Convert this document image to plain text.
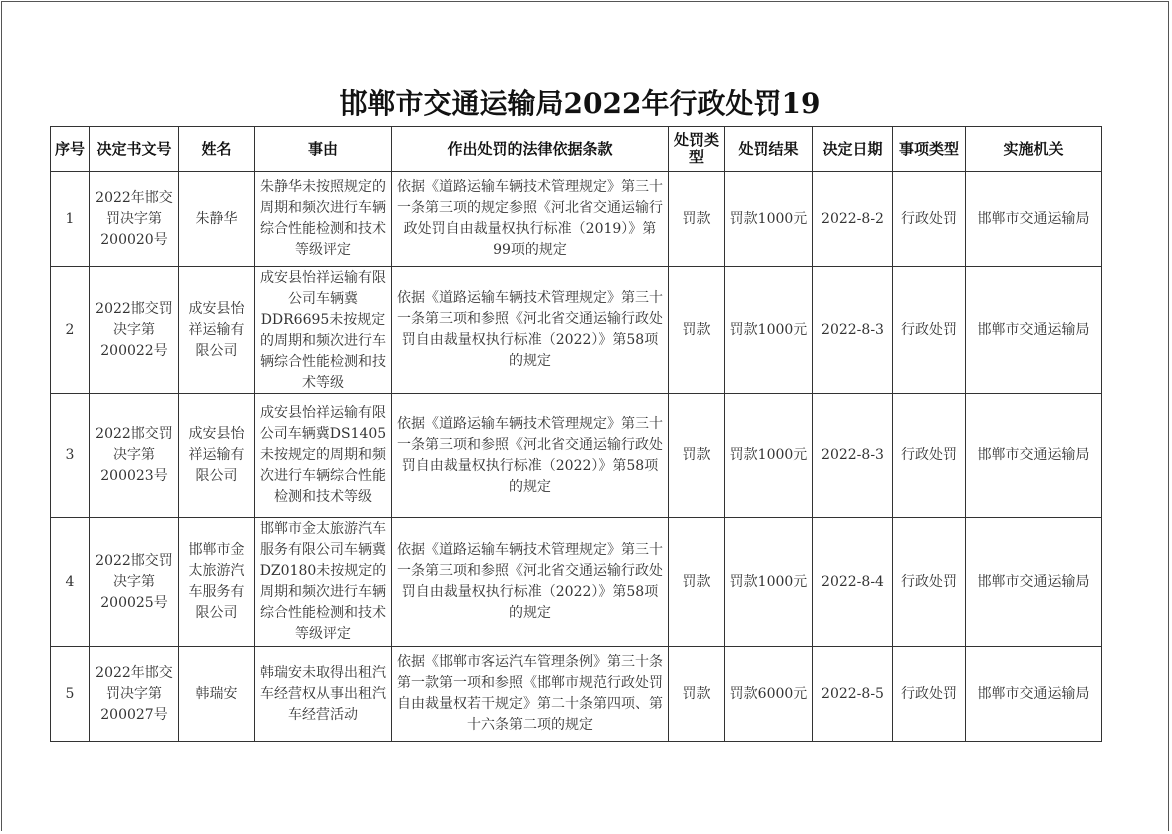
邯郸市交通运输局2022年行政处罚19
序号	决定书文号	姓名	事由	作出处罚的法律依据条款	处罚类型	处罚结果	决定日期	事项类型	实施机关
1	2022年邯交罚决字第200020号	朱静华	朱静华未按照规定的周期和频次进行车辆综合性能检测和技术等级评定	依据《道路运输车辆技术管理规定》第三十一条第三项的规定参照《河北省交通运输行政处罚自由裁量权执行标准（2019）》第99项的规定	罚款	罚款1000元	2022-8-2	行政处罚	邯郸市交通运输局
2	2022邯交罚决字第200022号	成安县怡祥运输有限公司	成安县怡祥运输有限公司车辆冀DDR6695未按规定的周期和频次进行车辆综合性能检测和技术等级	依据《道路运输车辆技术管理规定》第三十一条第三项和参照《河北省交通运输行政处罚自由裁量权执行标准（2022）》第58项的规定	罚款	罚款1000元	2022-8-3	行政处罚	邯郸市交通运输局
3	2022邯交罚决字第200023号	成安县怡祥运输有限公司	成安县怡祥运输有限公司车辆冀DS1405未按规定的周期和频次进行车辆综合性能检测和技术等级	依据《道路运输车辆技术管理规定》第三十一条第三项和参照《河北省交通运输行政处罚自由裁量权执行标准（2022）》第58项的规定	罚款	罚款1000元	2022-8-3	行政处罚	邯郸市交通运输局
4	2022邯交罚决字第200025号	邯郸市金太旅游汽车服务有限公司	邯郸市金太旅游汽车服务有限公司车辆冀DZ0180未按规定的周期和频次进行车辆综合性能检测和技术等级评定	依据《道路运输车辆技术管理规定》第三十一条第三项和参照《河北省交通运输行政处罚自由裁量权执行标准（2022）》第58项的规定	罚款	罚款1000元	2022-8-4	行政处罚	邯郸市交通运输局
5	2022年邯交罚决字第200027号	韩瑞安	韩瑞安未取得出租汽车经营权从事出租汽车经营活动	依据《邯郸市客运汽车管理条例》第三十条第一款第一项和参照《邯郸市规范行政处罚自由裁量权若干规定》第二十条第四项、第十六条第二项的规定	罚款	罚款6000元	2022-8-5	行政处罚	邯郸市交通运输局
